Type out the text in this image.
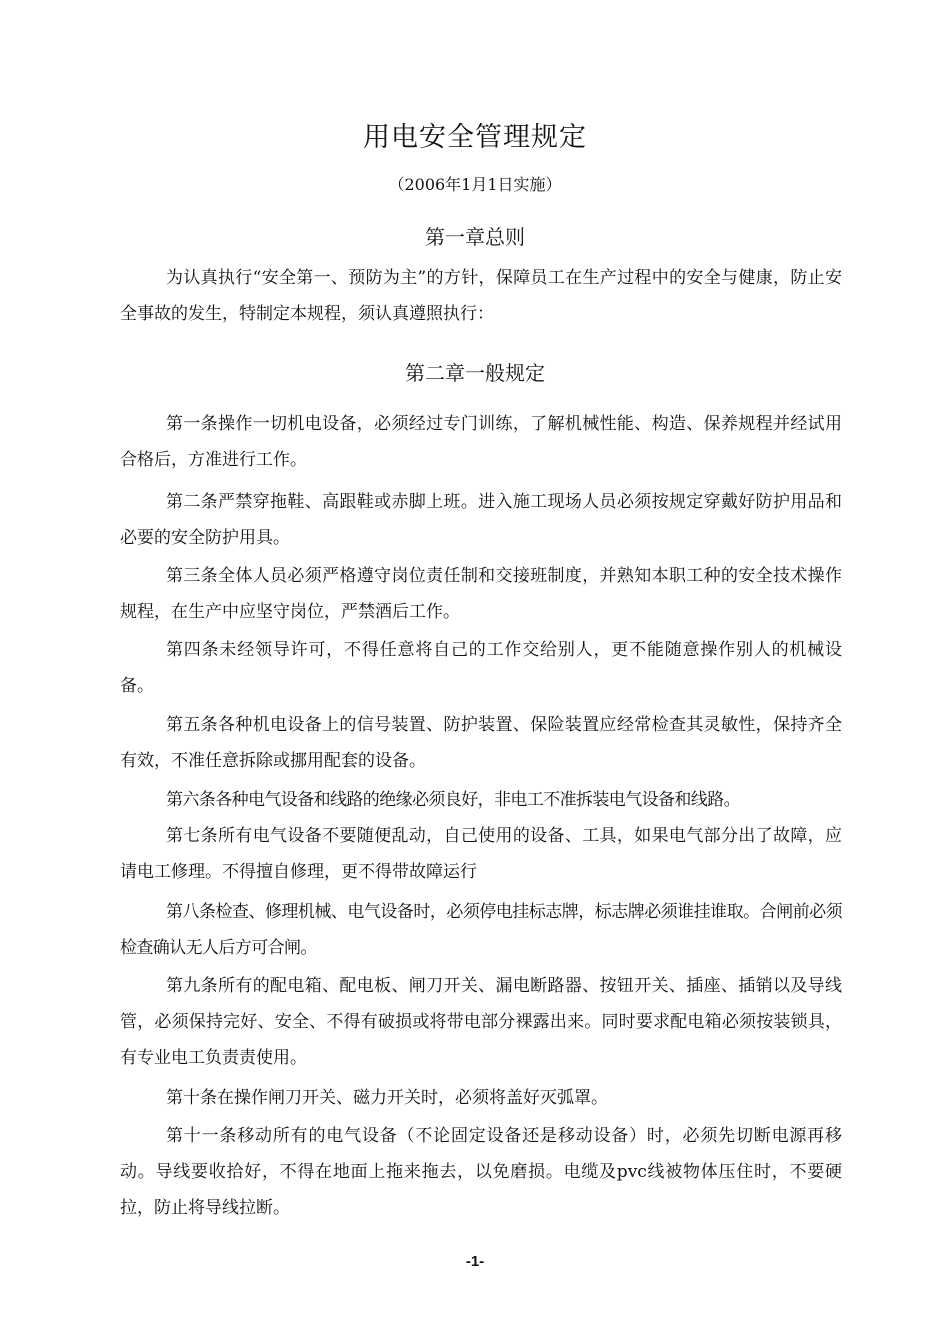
用电安全管理规定
（2006年1月1日实施）
第一章总则
为认真执行“安全第一、预防为主”的方针，保障员工在生产过程中的安全与健康，防止安全事故的发生，特制定本规程，须认真遵照执行：
第二章一般规定
第一条操作一切机电设备，必须经过专门训练，了解机械性能、构造、保养规程并经试用合格后，方准进行工作。
第二条严禁穿拖鞋、高跟鞋或赤脚上班。进入施工现场人员必须按规定穿戴好防护用品和必要的安全防护用具。
第三条全体人员必须严格遵守岗位责任制和交接班制度，并熟知本职工种的安全技术操作规程，在生产中应坚守岗位，严禁酒后工作。
第四条未经领导许可，不得任意将自己的工作交给别人，更不能随意操作别人的机械设备。
第五条各种机电设备上的信号装置、防护装置、保险装置应经常检查其灵敏性，保持齐全有效，不准任意拆除或挪用配套的设备。
第六条各种电气设备和线路的绝缘必须良好，非电工不准拆装电气设备和线路。
第七条所有电气设备不要随便乱动，自己使用的设备、工具，如果电气部分出了故障，应请电工修理。不得擅自修理，更不得带故障运行
第八条检查、修理机械、电气设备时，必须停电挂标志牌，标志牌必须谁挂谁取。合闸前必须检查确认无人后方可合闸。
第九条所有的配电箱、配电板、闸刀开关、漏电断路器、按钮开关、插座、插销以及导线管，必须保持完好、安全、不得有破损或将带电部分裸露出来。同时要求配电箱必须按装锁具，有专业电工负责责使用。
第十条在操作闸刀开关、磁力开关时，必须将盖好灭弧罩。
第十一条移动所有的电气设备（不论固定设备还是移动设备）时，必须先切断电源再移动。导线要收拾好，不得在地面上拖来拖去，以免磨损。电缆及pvc线被物体压住时，不要硬拉，防止将导线拉断。
-1-
